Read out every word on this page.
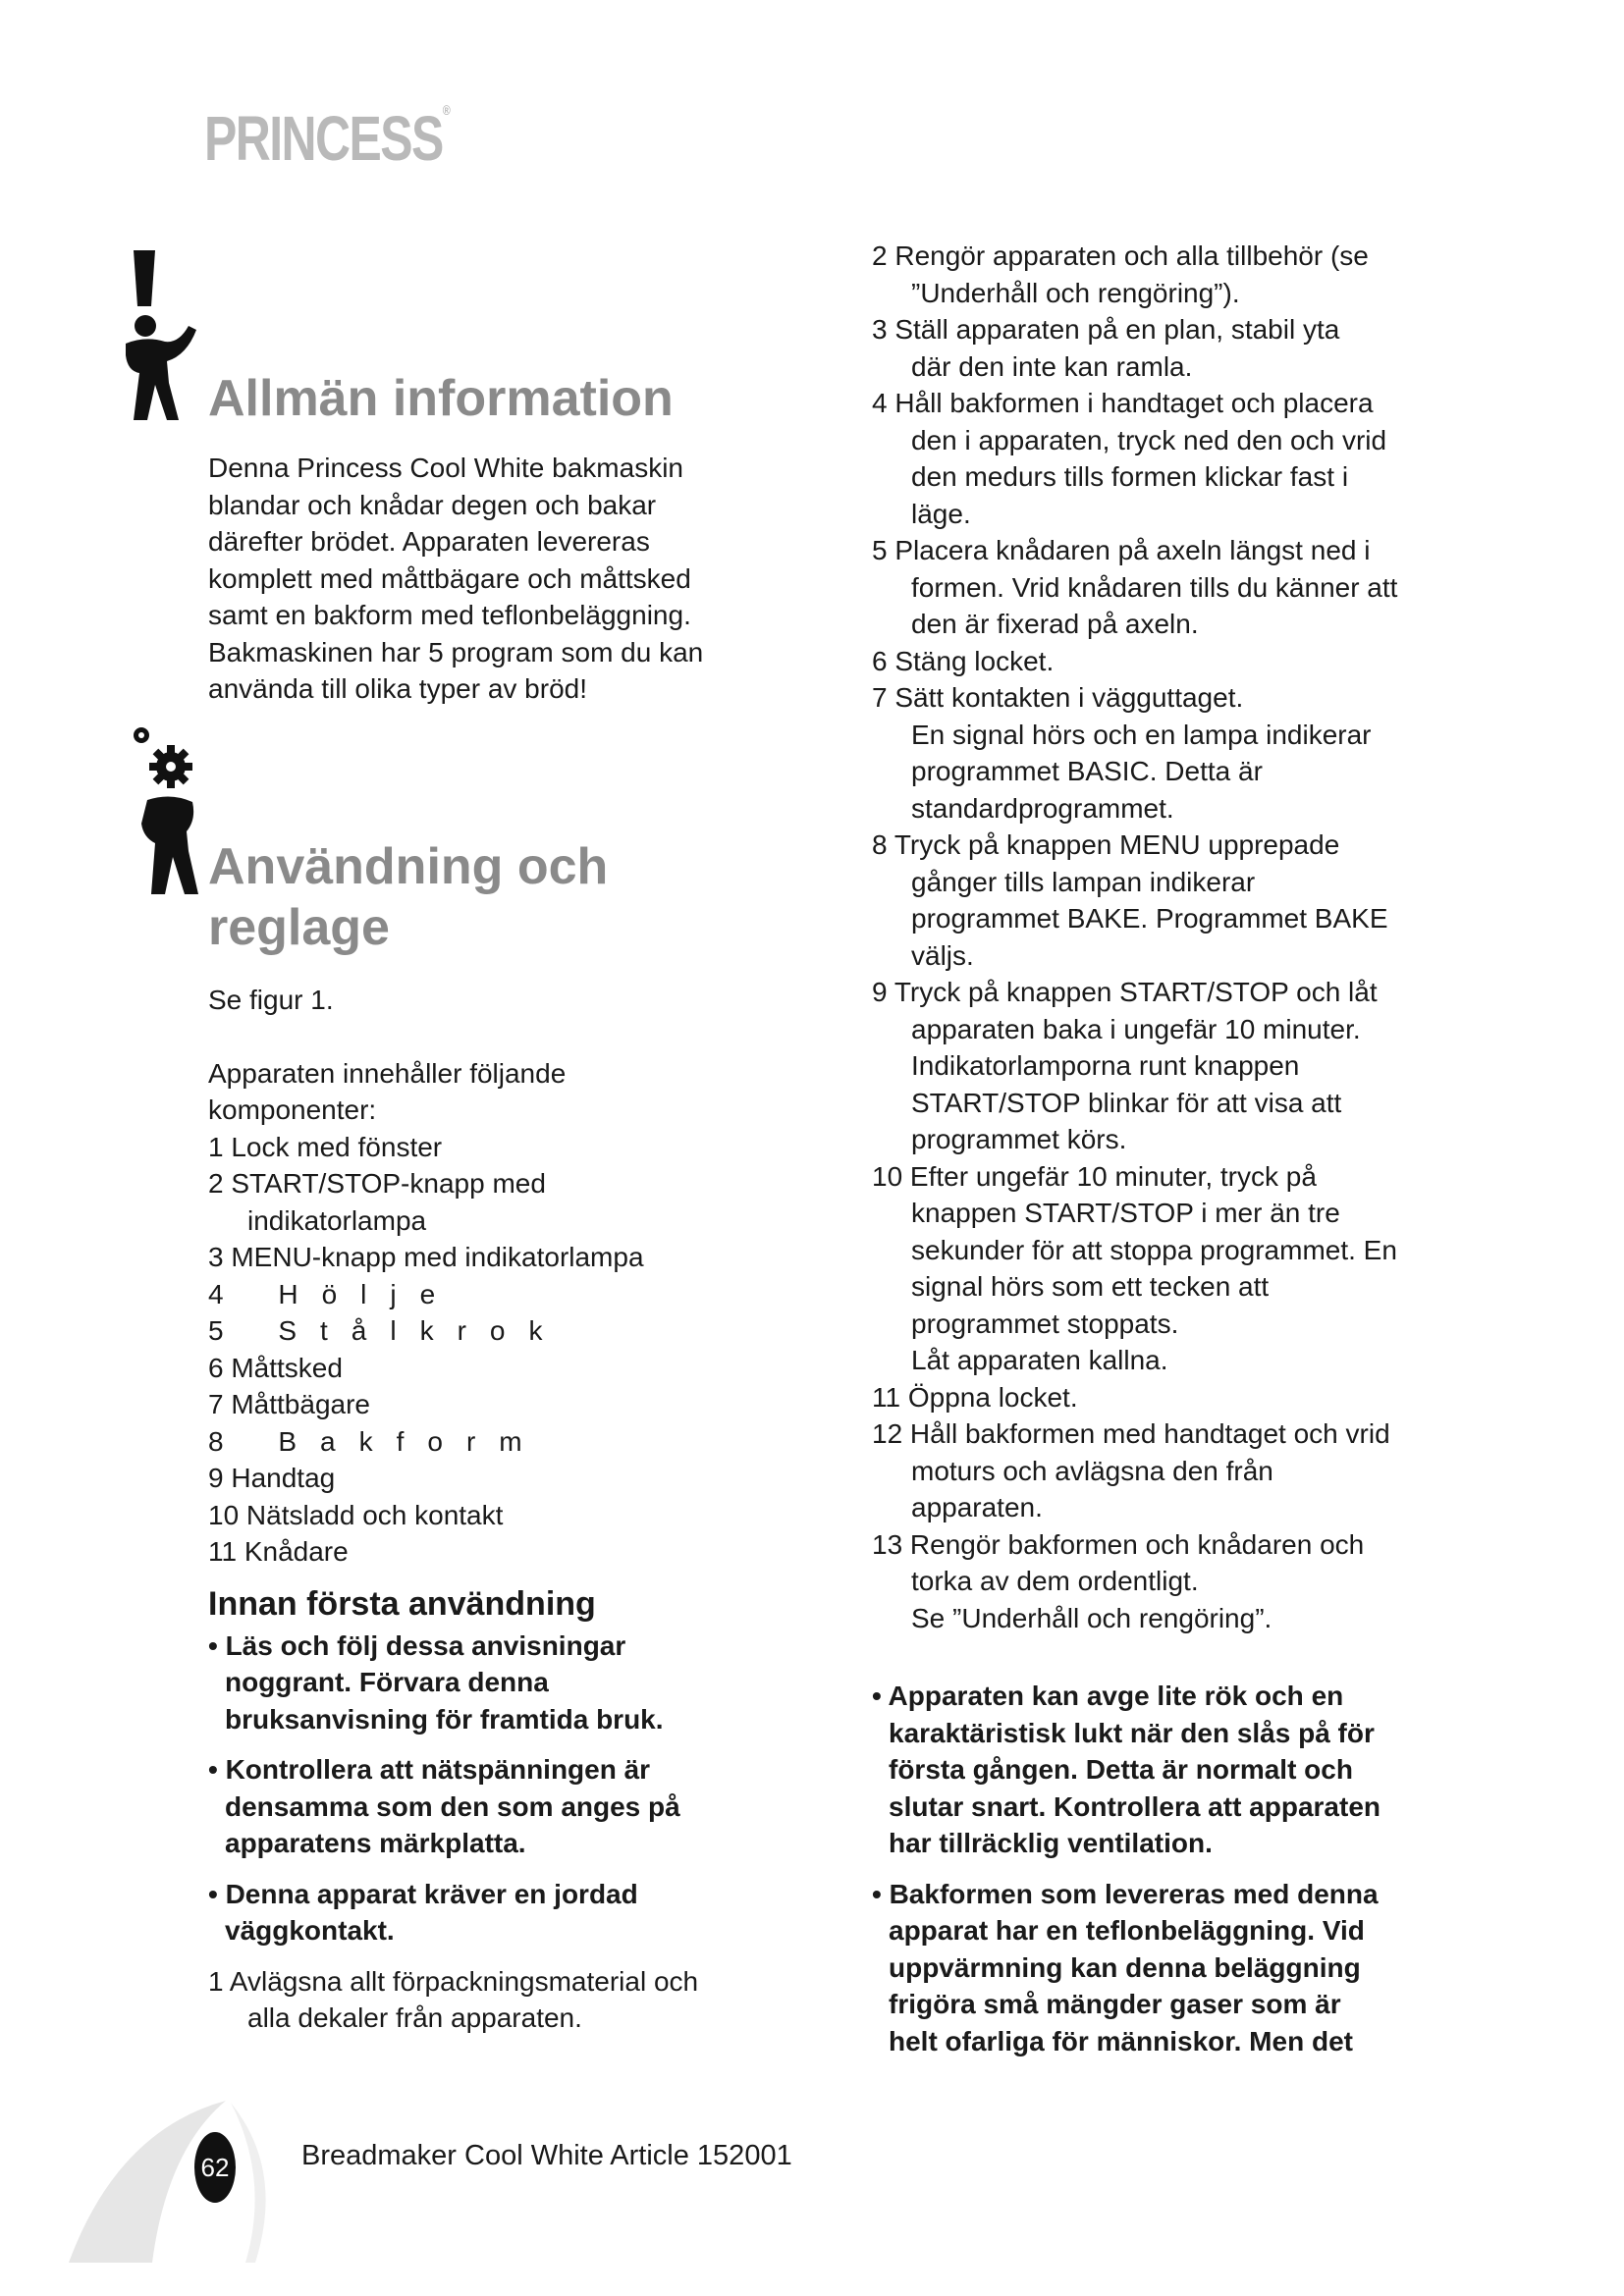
PRINCESS®
Allmän information

Denna Princess Cool White bakmaskin

blandar och knådar degen och bakar

därefter brödet. Apparaten levereras

komplett med måttbägare och måttsked

samt en bakform med teflonbeläggning.

Bakmaskinen har 5 program som du kan

använda till olika typer av bröd!

Användning och
reglage

Se figur 1.

Apparaten innehåller följande

komponenter:

1 Lock med fönster

2 START/STOP-knapp med

indikatorlampa

3 MENU-knapp med indikatorlampa

4 Hölje

5 Stålkrok

6 Måttsked

7 Måttbägare

8 Bakform

9 Handtag

10 Nätsladd och kontakt

11 Knådare

Innan första användning

• Läs och följ dessa anvisningar

noggrant. Förvara denna

bruksanvisning för framtida bruk.

• Kontrollera att nätspänningen är

densamma som den som anges på

apparatens märkplatta.

• Denna apparat kräver en jordad

väggkontakt.

1 Avlägsna allt förpackningsmaterial och

alla dekaler från apparaten.

2 Rengör apparaten och alla tillbehör (se

”Underhåll och rengöring”).

3 Ställ apparaten på en plan, stabil yta

där den inte kan ramla.

4 Håll bakformen i handtaget och placera

den i apparaten, tryck ned den och vrid

den medurs tills formen klickar fast i

läge.

5 Placera knådaren på axeln längst ned i

formen. Vrid knådaren tills du känner att

den är fixerad på axeln.

6 Stäng locket.

7 Sätt kontakten i vägguttaget.

En signal hörs och en lampa indikerar

programmet BASIC. Detta är

standardprogrammet.

8 Tryck på knappen MENU upprepade

gånger tills lampan indikerar

programmet BAKE. Programmet BAKE

väljs.

9 Tryck på knappen START/STOP och låt

apparaten baka i ungefär 10 minuter.

Indikatorlamporna runt knappen

START/STOP blinkar för att visa att

programmet körs.

10 Efter ungefär 10 minuter, tryck på

knappen START/STOP i mer än tre

sekunder för att stoppa programmet. En

signal hörs som ett tecken att

programmet stoppats.

Låt apparaten kallna.

11 Öppna locket.

12 Håll bakformen med handtaget och vrid

moturs och avlägsna den från

apparaten.

13 Rengör bakformen och knådaren och

torka av dem ordentligt.

Se ”Underhåll och rengöring”.

• Apparaten kan avge lite rök och en

karaktäristisk lukt när den slås på för

första gången. Detta är normalt och

slutar snart. Kontrollera att apparaten

har tillräcklig ventilation.

• Bakformen som levereras med denna

apparat har en teflonbeläggning. Vid

uppvärmning kan denna beläggning

frigöra små mängder gaser som är

helt ofarliga för människor. Men det

62	Breadmaker Cool White Article 152001
